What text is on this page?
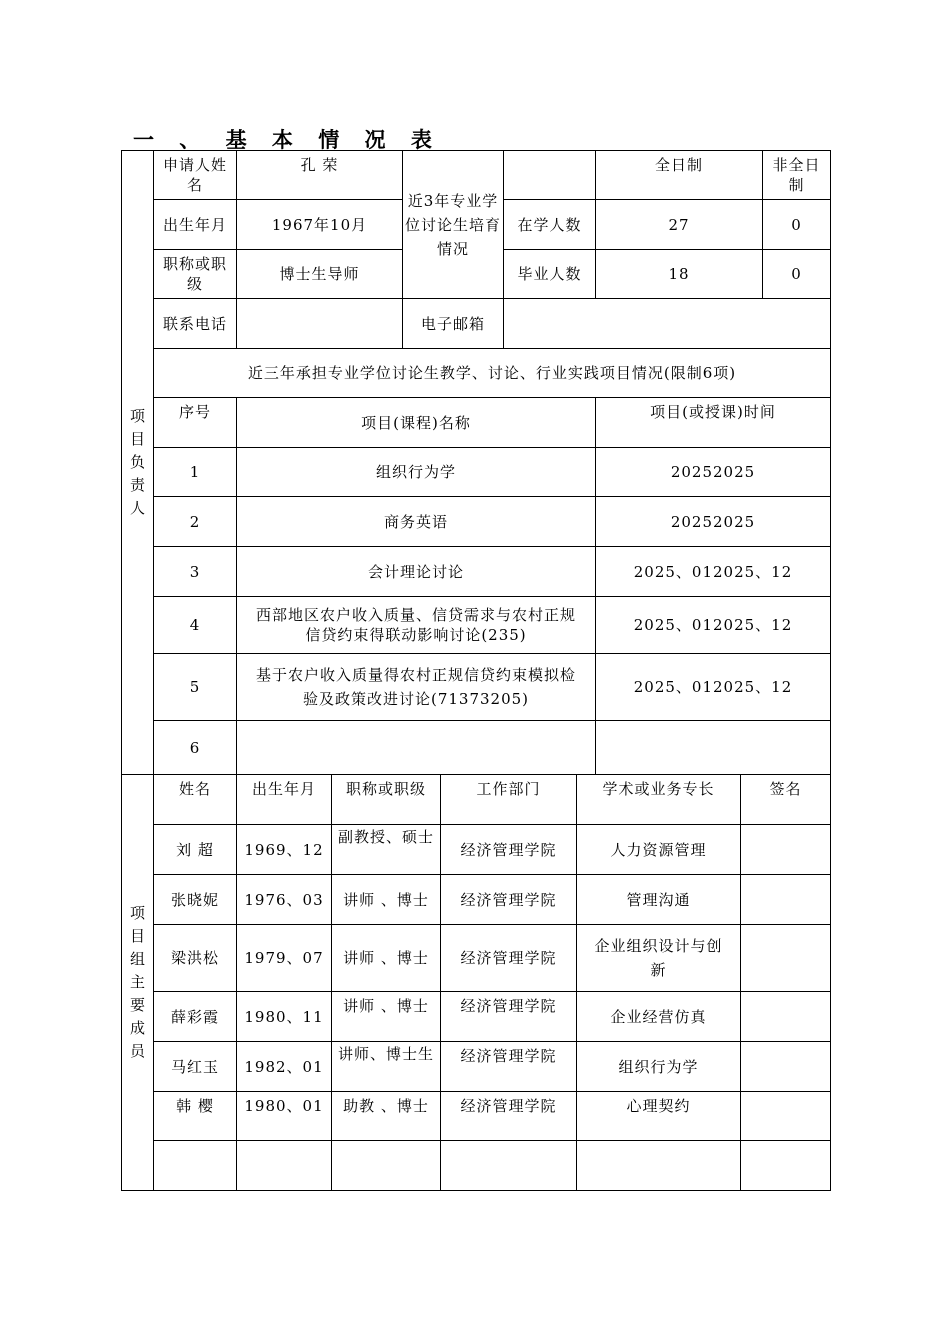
一 、 基 本 情 况 表
项目负责人	申请人姓名	孔 荣	近3年专业学位讨论生培育情况		全日制	非全日制
	出生年月	1967年10月		在学人数	27	0
	职称或职级	博士生导师		毕业人数	18	0
	联系电话		电子邮箱			
	近三年承担专业学位讨论生教学、讨论、行业实践项目情况(限制6项)					
	序号	项目(课程)名称			项目(或授课)时间	
	1	组织行为学			20252025	
	2	商务英语			20252025	
	3	会计理论讨论			2025、012025、12	
	4	西部地区农户收入质量、信贷需求与农村正规信贷约束得联动影响讨论(235)			2025、012025、12	
	5	基于农户收入质量得农村正规信贷约束模拟检验及政策改进讨论(71373205)			2025、012025、12	
	6					
项目组主要成员	姓名	出生年月	职称或职级	工作部门	学术或业务专长	签名
	刘 超	1969、12	副教授、硕士	经济管理学院	人力资源管理	
	张晓妮	1976、03	讲师 、博士	经济管理学院	管理沟通	
	梁洪松	1979、07	讲师 、博士	经济管理学院	企业组织设计与创新	
	薛彩霞	1980、11	讲师 、博士	经济管理学院	企业经营仿真	
	马红玉	1982、01	讲师、博士生	经济管理学院	组织行为学	
	韩 樱	1980、01	助教 、博士	经济管理学院	心理契约	
